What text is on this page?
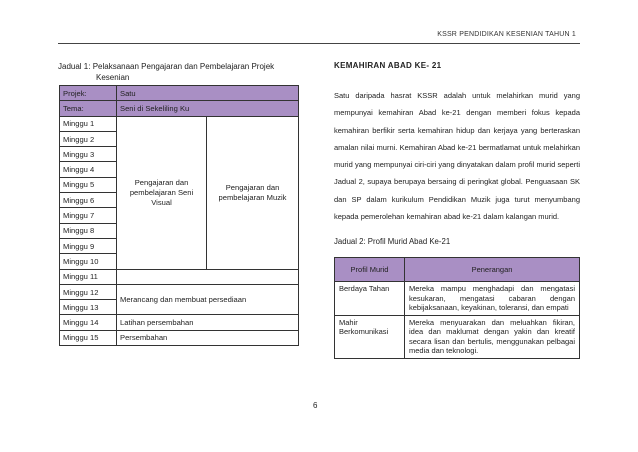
KSSR PENDIDIKAN KESENIAN TAHUN 1
Jadual 1: Pelaksanaan Pengajaran dan Pembelajaran Projek
Kesenian
Projek:	Satu	
Tema:	Seni di Sekeliling Ku	
Minggu 1	Pengajaran dan pembelajaran Seni Visual	Pengajaran dan pembelajaran Muzik
Minggu 2		
Minggu 3		
Minggu 4		
Minggu 5		
Minggu 6		
Minggu 7		
Minggu 8		
Minggu 9		
Minggu 10		
Minggu 11		
Minggu 12	Merancang dan membuat persediaan	
Minggu 13		
Minggu 14	Latihan persembahan	
Minggu 15	Persembahan	
KEMAHIRAN ABAD KE- 21
Satu daripada hasrat KSSR adalah untuk melahirkan murid yang mempunyai kemahiran Abad ke-21 dengan memberi fokus kepada kemahiran berfikir serta kemahiran hidup dan kerjaya yang berteraskan amalan nilai murni. Kemahiran Abad ke-21 bermatlamat untuk melahirkan murid yang mempunyai ciri-ciri yang dinyatakan dalam profil murid seperti Jadual 2, supaya berupaya bersaing di peringkat global. Penguasaan SK dan SP dalam kurikulum Pendidikan Muzik juga turut menyumbang kepada pemerolehan kemahiran abad ke-21 dalam kalangan murid.
Jadual 2: Profil Murid Abad Ke-21
Profil Murid	Penerangan
Berdaya Tahan	Mereka mampu menghadapi dan mengatasi kesukaran, mengatasi cabaran dengan kebijaksanaan, keyakinan, toleransi, dan empati
Mahir Berkomunikasi	Mereka menyuarakan dan meluahkan fikiran, idea dan maklumat dengan yakin dan kreatif secara lisan dan bertulis, menggunakan pelbagai media dan teknologi.
6
